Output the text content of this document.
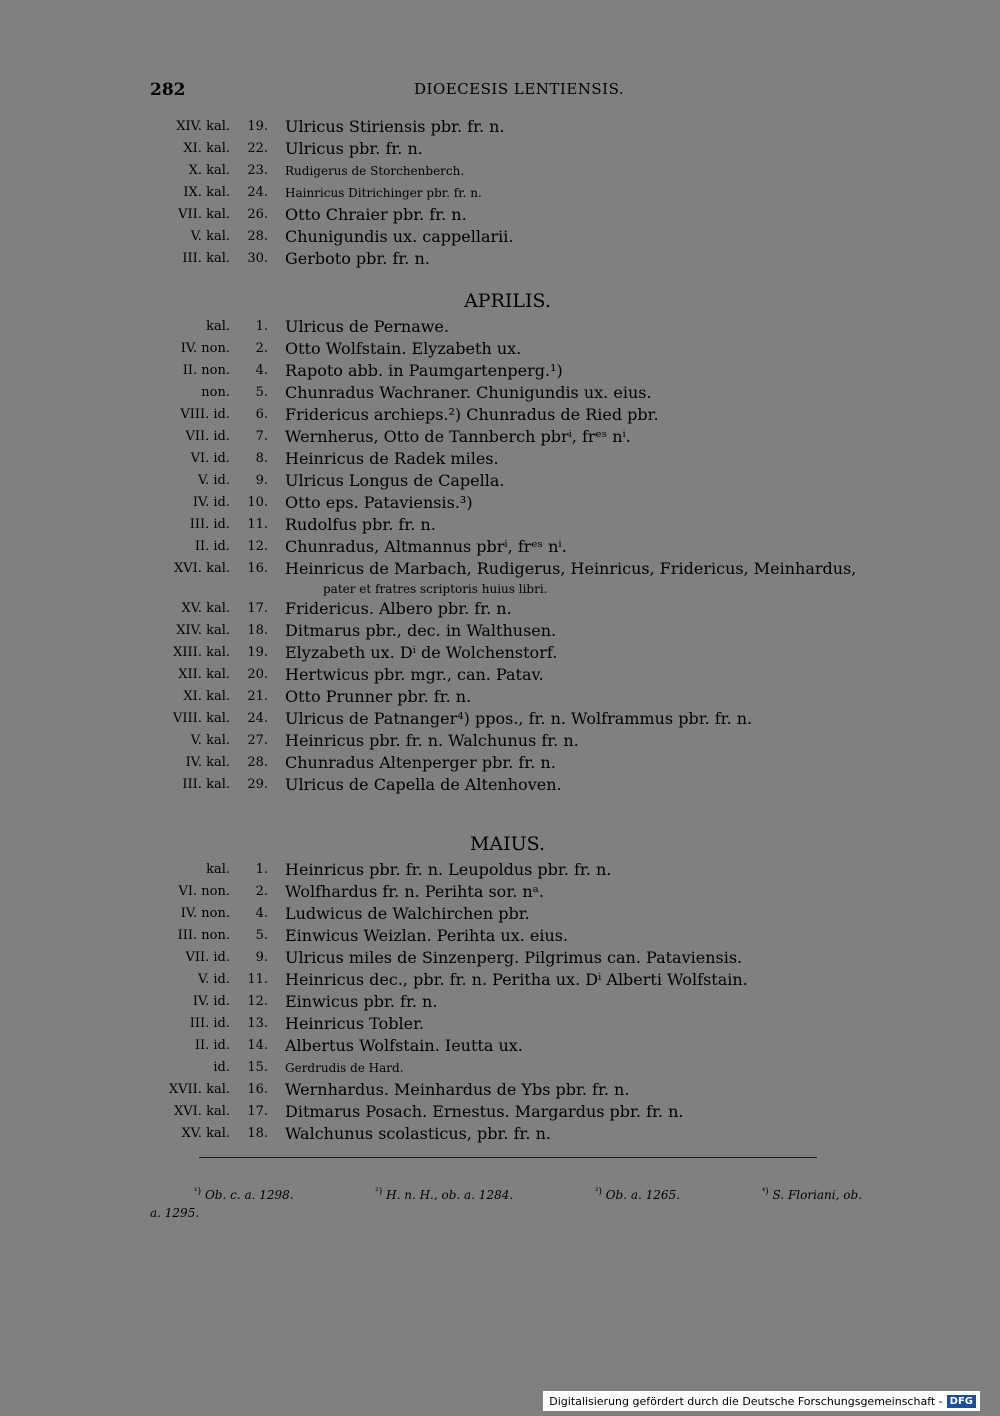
282	DIOECESIS LENTIENSIS.
XIV. kal.	19.	Ulricus Stiriensis pbr. fr. n.
XI. kal.	22.	Ulricus pbr. fr. n.
X. kal.	23.	Rudigerus de Storchenberch.
IX. kal.	24.	Hainricus Ditrichinger pbr. fr. n.
VII. kal.	26.	Otto Chraier pbr. fr. n.
V. kal.	28.	Chunigundis ux. cappellarii.
III. kal.	30.	Gerboto pbr. fr. n.
APRILIS.
kal.	1.	Ulricus de Pernawe.
IV. non.	2.	Otto Wolfstain. Elyzabeth ux.
II. non.	4.	Rapoto abb. in Paumgartenperg.¹)
non.	5.	Chunradus Wachraner. Chunigundis ux. eius.
VIII. id.	6.	Fridericus archieps.²) Chunradus de Ried pbr.
VII. id.	7.	Wernherus, Otto de Tannberch pbrⁱ, frᵉˢ nⁱ.
VI. id.	8.	Heinricus de Radek miles.
V. id.	9.	Ulricus Longus de Capella.
IV. id.	10.	Otto eps. Pataviensis.³)
III. id.	11.	Rudolfus pbr. fr. n.
II. id.	12.	Chunradus, Altmannus pbrⁱ, frᵉˢ nⁱ.
XVI. kal.	16.	Heinricus de Marbach, Rudigerus, Heinricus, Fridericus, Meinhardus,
pater et fratres scriptoris huius libri.
XV. kal.	17.	Fridericus. Albero pbr. fr. n.
XIV. kal.	18.	Ditmarus pbr., dec. in Walthusen.
XIII. kal.	19.	Elyzabeth ux. Dⁱ de Wolchenstorf.
XII. kal.	20.	Hertwicus pbr. mgr., can. Patav.
XI. kal.	21.	Otto Prunner pbr. fr. n.
VIII. kal.	24.	Ulricus de Patnanger⁴) ppos., fr. n. Wolframmus pbr. fr. n.
V. kal.	27.	Heinricus pbr. fr. n. Walchunus fr. n.
IV. kal.	28.	Chunradus Altenperger pbr. fr. n.
III. kal.	29.	Ulricus de Capella de Altenhoven.
MAIUS.
kal.	1.	Heinricus pbr. fr. n. Leupoldus pbr. fr. n.
VI. non.	2.	Wolfhardus fr. n. Perihta sor. nᵃ.
IV. non.	4.	Ludwicus de Walchirchen pbr.
III. non.	5.	Einwicus Weizlan. Perihta ux. eius.
VII. id.	9.	Ulricus miles de Sinzenperg. Pilgrimus can. Pataviensis.
V. id.	11.	Heinricus dec., pbr. fr. n. Peritha ux. Dⁱ Alberti Wolfstain.
IV. id.	12.	Einwicus pbr. fr. n.
III. id.	13.	Heinricus Tobler.
II. id.	14.	Albertus Wolfstain. Ieutta ux.
id.	15.	Gerdrudis de Hard.
XVII. kal.	16.	Wernhardus. Meinhardus de Ybs pbr. fr. n.
XVI. kal.	17.	Ditmarus Posach. Ernestus. Margardus pbr. fr. n.
XV. kal.	18.	Walchunus scolasticus, pbr. fr. n.
$^{^1)}$ Ob. c. a. 1298.	$^{^2)}$ H. n. H., ob. a. 1284.	$^{^3)}$ Ob. a. 1265.	$^{^4)}$ S. Floriani, ob.
a. 1295.
Digitalisierung gefördert durch die Deutsche Forschungsgemeinschaft - DFG
